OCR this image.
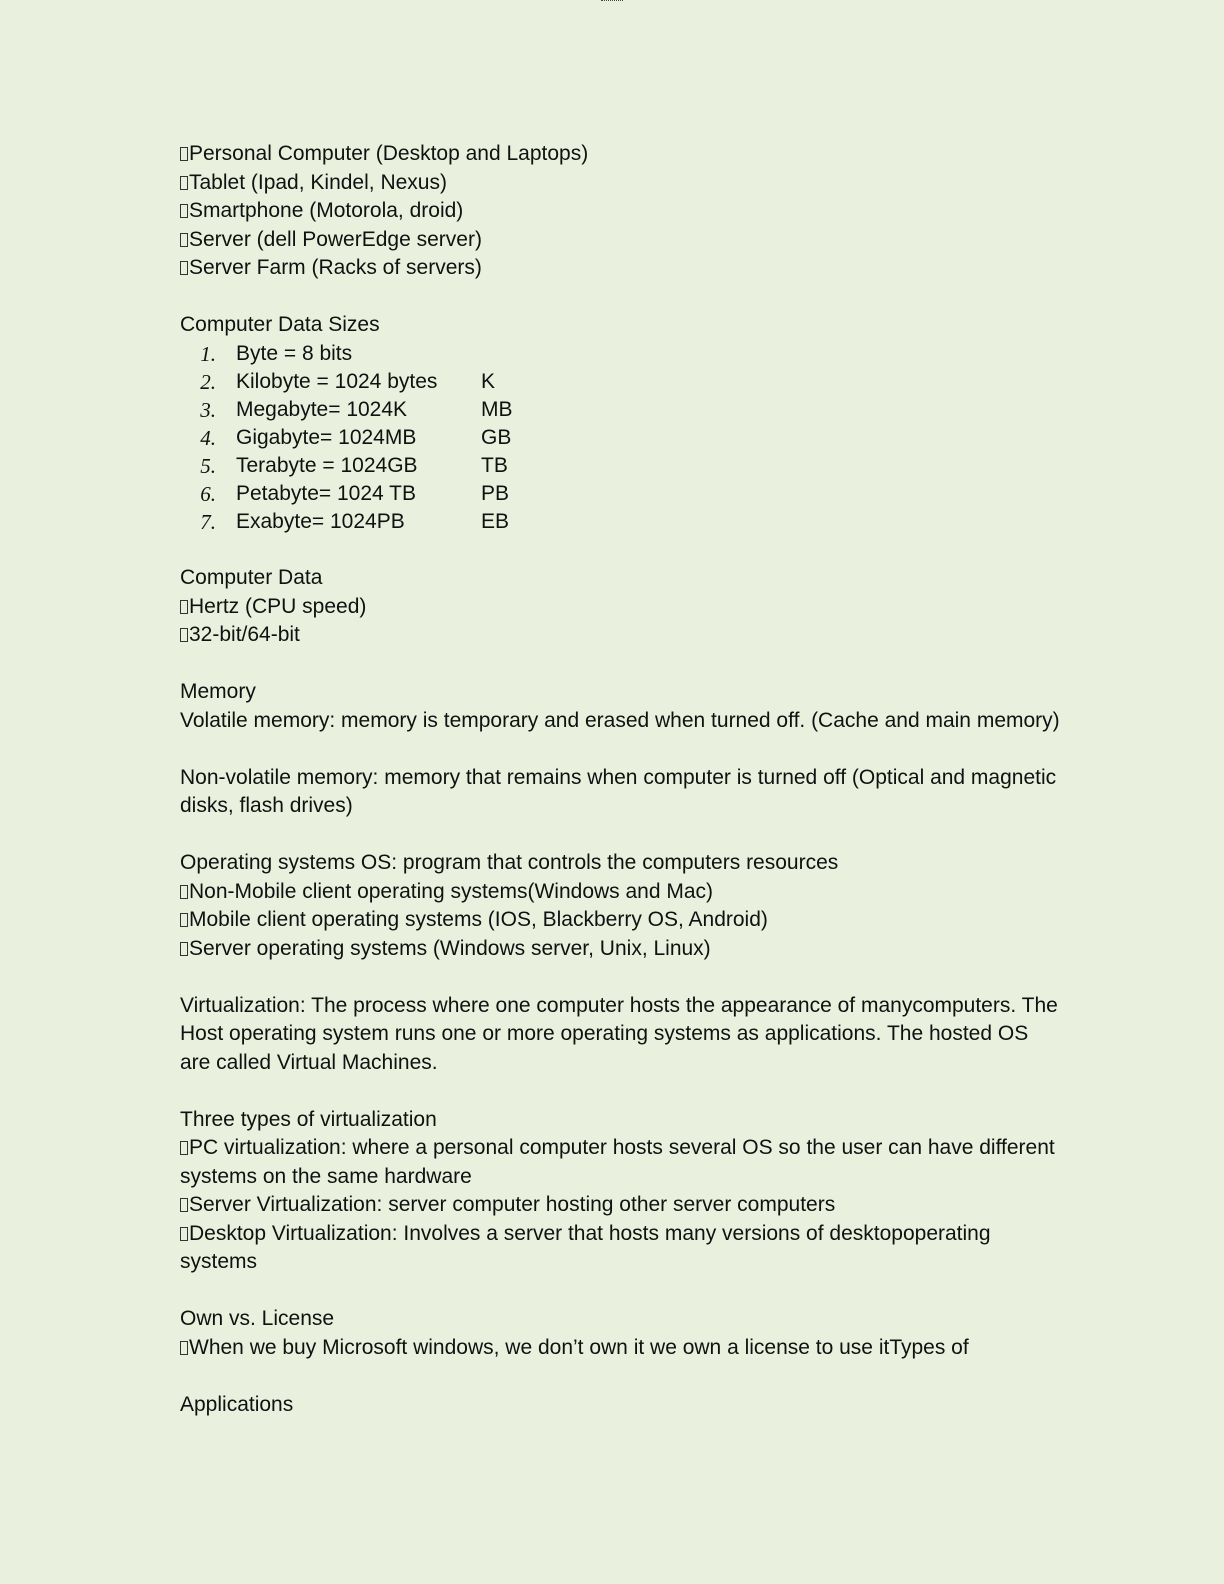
Personal Computer (Desktop and Laptops)
Tablet (Ipad, Kindel, Nexus)
Smartphone (Motorola, droid)
Server (dell PowerEdge server)
Server Farm (Racks of servers)
Computer Data Sizes
1. Byte = 8 bits
2. Kilobyte = 1024 bytes	K
3. Megabyte= 1024K	MB
4. Gigabyte= 1024MB	GB
5. Terabyte = 1024GB	TB
6. Petabyte= 1024 TB	PB
7. Exabyte= 1024PB	EB
Computer Data
Hertz (CPU speed)
32-bit/64-bit
Memory
Volatile memory: memory is temporary and erased when turned off. (Cache and main memory)
Non-volatile memory: memory that remains when computer is turned off (Optical and magnetic disks, flash drives)
Operating systems OS: program that controls the computers resources
Non-Mobile client operating systems(Windows and Mac)
Mobile client operating systems (IOS, Blackberry OS, Android)
Server operating systems (Windows server, Unix, Linux)
Virtualization: The process where one computer hosts the appearance of manycomputers. The Host operating system runs one or more operating systems as applications. The hosted OS are called Virtual Machines.
Three types of virtualization
PC virtualization: where a personal computer hosts several OS so the user can have different systems on the same hardware
Server Virtualization: server computer hosting other server computers
Desktop Virtualization: Involves a server that hosts many versions of desktopoperating systems
Own vs. License
When we buy Microsoft windows, we don’t own it we own a license to use itTypes of
Applications
